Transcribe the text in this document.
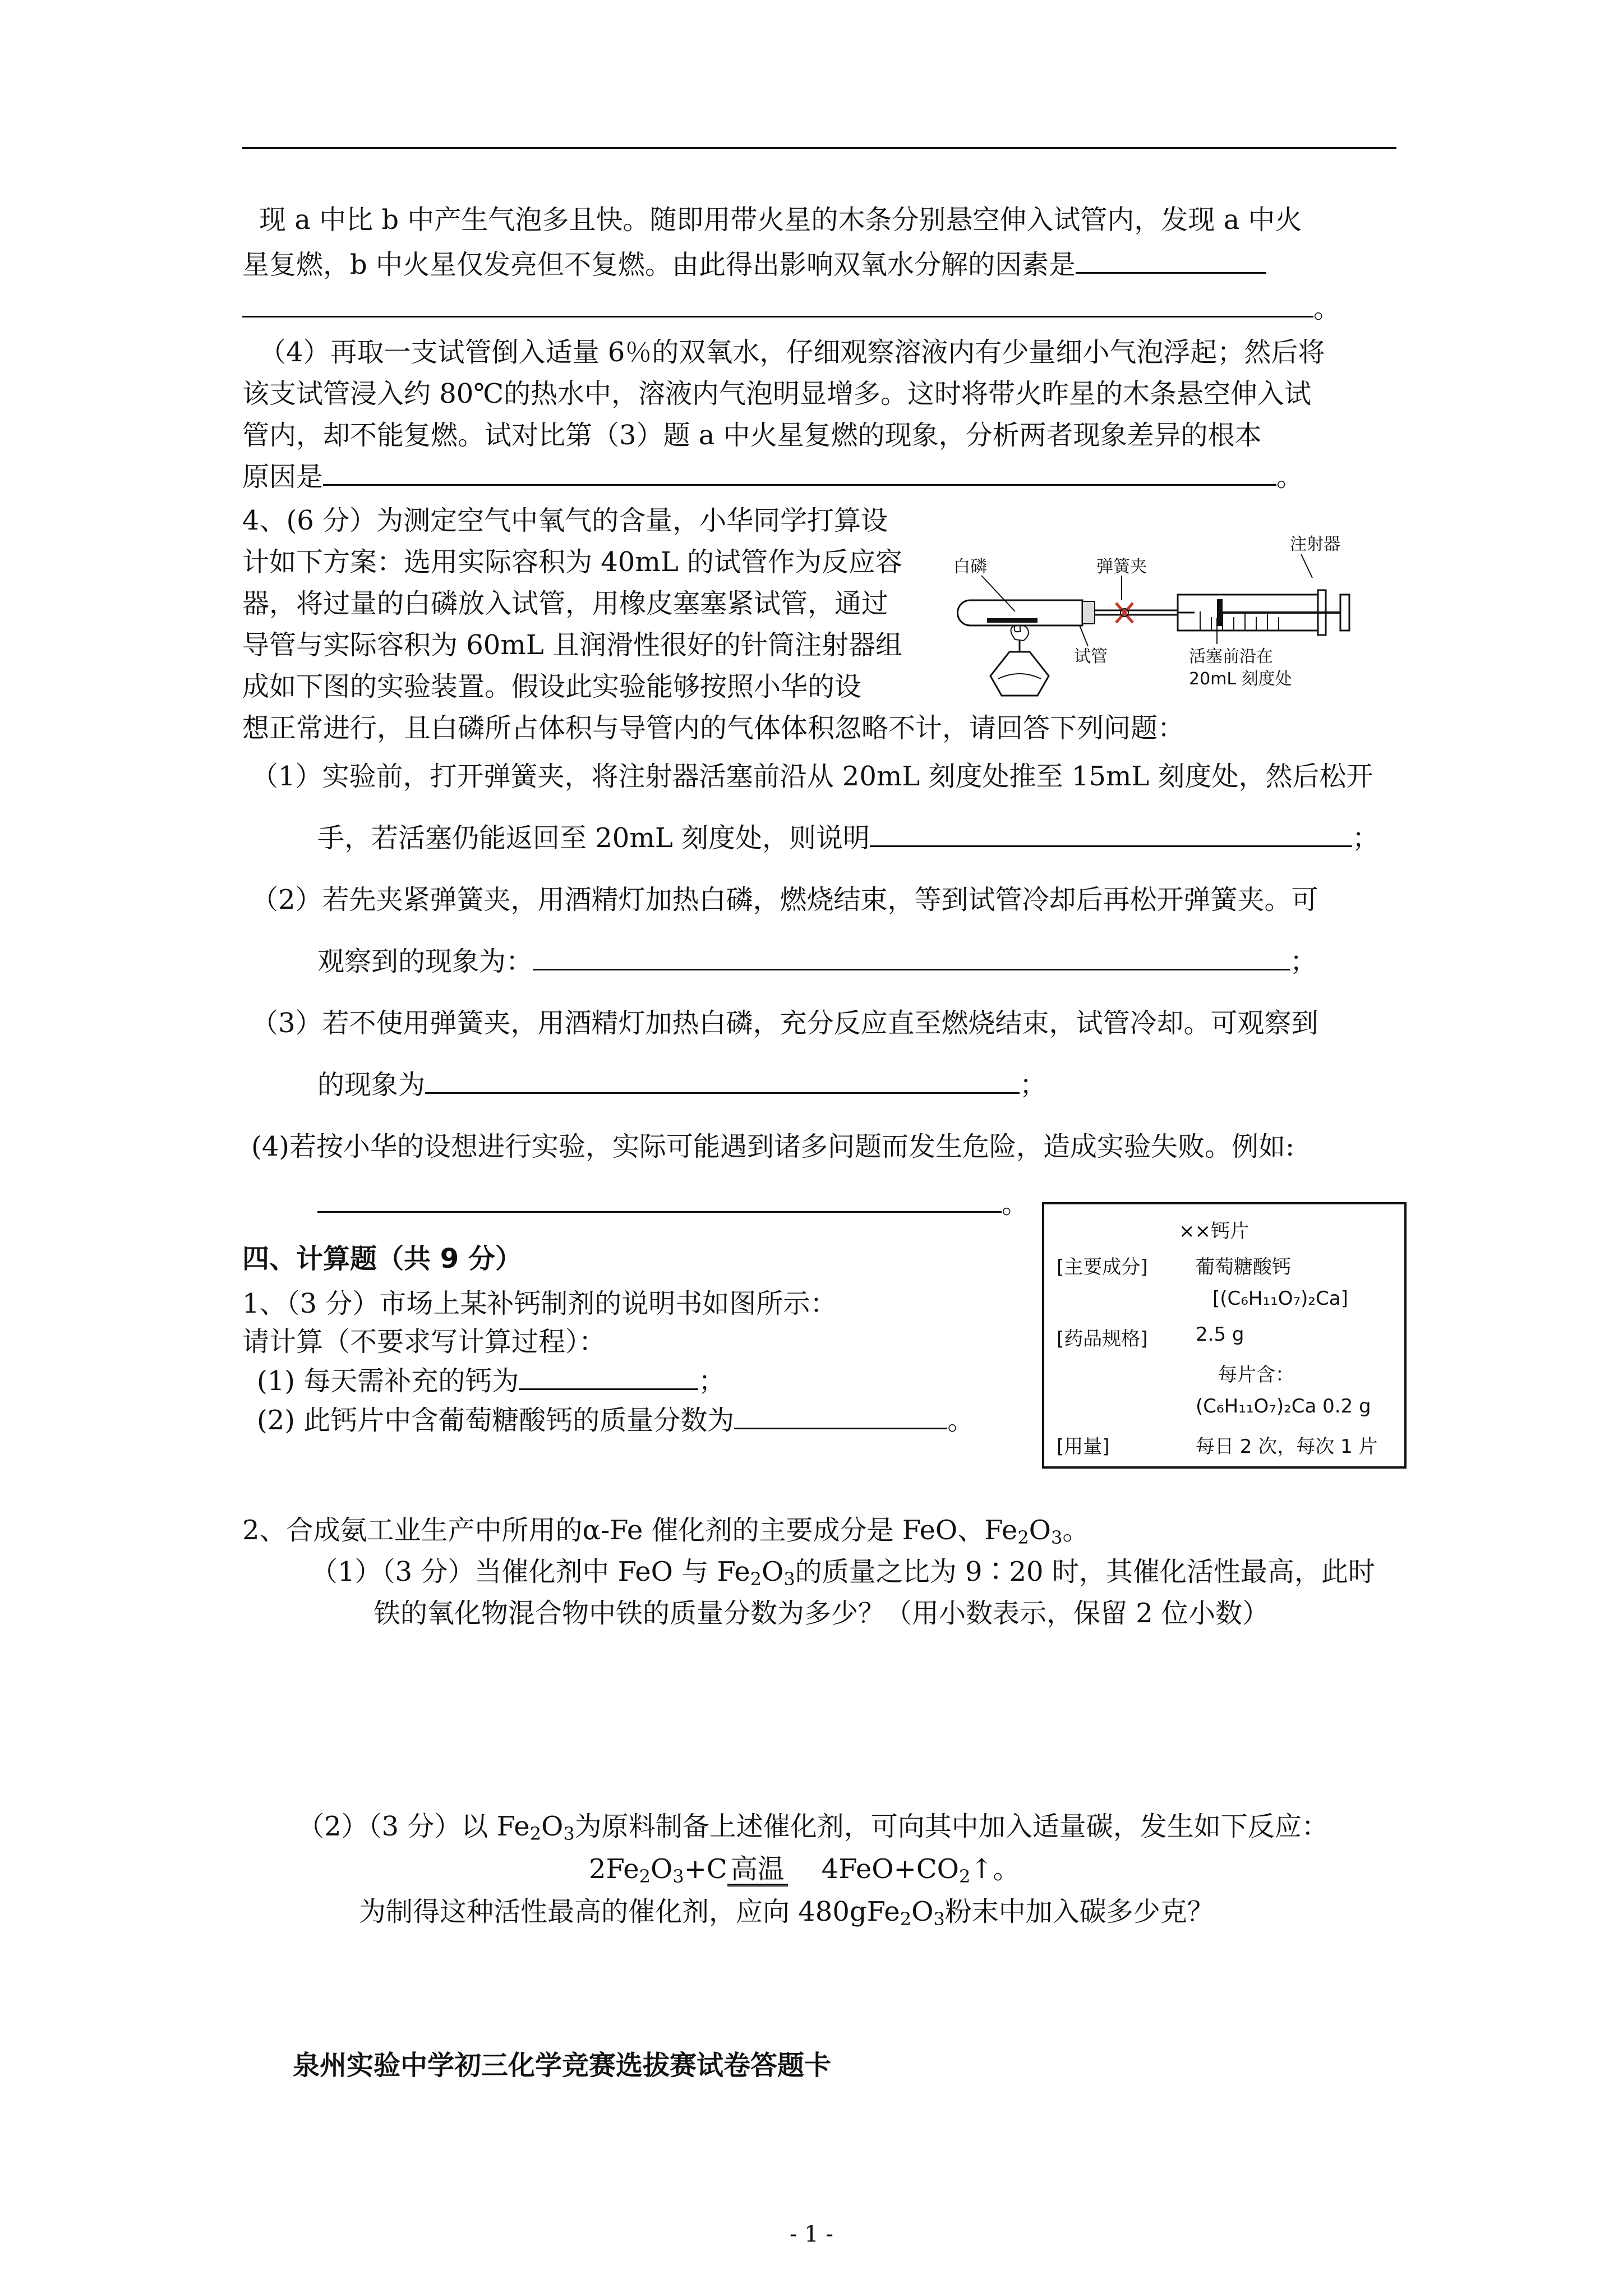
现 a 中比 b 中产生气泡多且快。随即用带火星的木条分别悬空伸入试管内，发现 a 中火
星复燃，b 中火星仅发亮但不复燃。由此得出影响双氧水分解的因素是
。
（4）再取一支试管倒入适量 6％的双氧水，仔细观察溶液内有少量细小气泡浮起；然后将
该支试管浸入约 80℃的热水中，溶液内气泡明显增多。这时将带火昨星的木条悬空伸入试
管内，却不能复燃。试对比第（3）题 a 中火星复燃的现象，分析两者现象差异的根本
原因是	。
4、(6 分）为测定空气中氧气的含量，小华同学打算设
计如下方案：选用实际容积为 40mL 的试管作为反应容
器，将过量的白磷放入试管，用橡皮塞塞紧试管，通过
导管与实际容积为 60mL 且润滑性很好的针筒注射器组
成如下图的实验装置。假设此实验能够按照小华的设
想正常进行，且白磷所占体积与导管内的气体体积忽略不计，请回答下列问题：
白磷	弹簧夹
注射器
试管	活塞前沿在
20mL 刻度处
（1）实验前，打开弹簧夹，将注射器活塞前沿从 20mL 刻度处推至 15mL 刻度处，然后松开
手，若活塞仍能返回至 20mL 刻度处，则说明	；
（2）若先夹紧弹簧夹，用酒精灯加热白磷，燃烧结束，等到试管冷却后再松开弹簧夹。可
观察到的现象为：	；
（3）若不使用弹簧夹，用酒精灯加热白磷，充分反应直至燃烧结束，试管冷却。可观察到
的现象为	；
(4)若按小华的设想进行实验，实际可能遇到诸多问题而发生危险，造成实验失败。例如:
。
四、计算题（共 9 分）
1、（3 分）市场上某补钙制剂的说明书如图所示：
请计算（不要求写计算过程）：
(1) 每天需补充的钙为	；
(2) 此钙片中含葡萄糖酸钙的质量分数为	。
××钙片
[主要成分]	葡萄糖酸钙
[(C₆H₁₁O₇)₂Ca]
[药品规格]	2.5 g
每片含：
(C₆H₁₁O₇)₂Ca 0.2 g
[用量]	每日 2 次，每次 1 片
2、合成氨工业生产中所用的α-Fe 催化剂的主要成分是 FeO、$Fe_2O_3$。
（1）（3 分）当催化剂中 FeO 与 $Fe_2O_3$的质量之比为 9∶20 时，其催化活性最高，此时
铁的氧化物混合物中铁的质量分数为多少？（用小数表示，保留 2 位小数）
（2）（3 分）以 $Fe_2O_3$为原料制备上述催化剂，可向其中加入适量碳，发生如下反应：
$2Fe_2O_3+C$ 高温 $4FeO+CO_2↑$。
为制得这种活性最高的催化剂，应向 $480gFe_2O_3$粉末中加入碳多少克？
泉州实验中学初三化学竞赛选拔赛试卷答题卡
- 1 -
